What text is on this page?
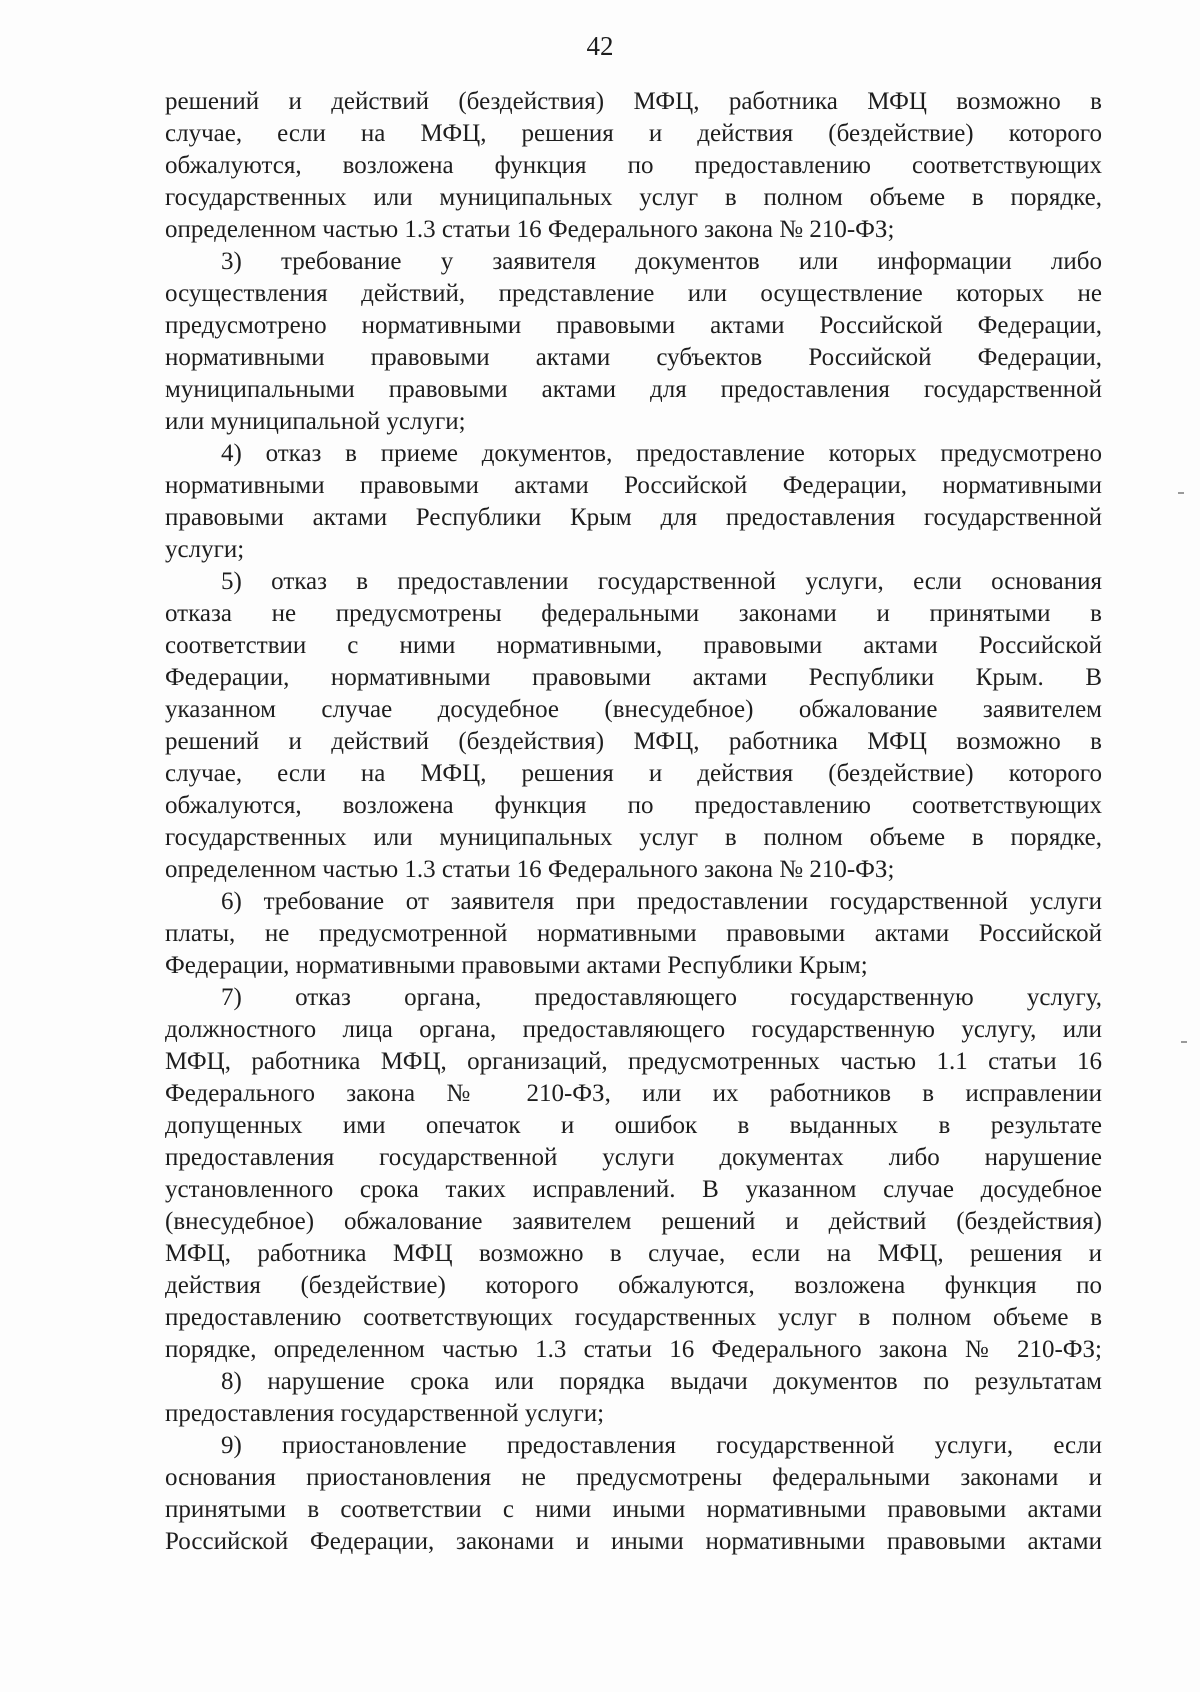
42
решений и действий (бездействия) МФЦ, работника МФЦ возможно в
случае, если на МФЦ, решения и действия (бездействие) которого
обжалуются, возложена функция по предоставлению соответствующих
государственных или муниципальных услуг в полном объеме в порядке,
определенном частью 1.3 статьи 16 Федерального закона № 210-ФЗ;
3) требование у заявителя документов или информации либо
осуществления действий, представление или осуществление которых не
предусмотрено нормативными правовыми актами Российской Федерации,
нормативными правовыми актами субъектов Российской Федерации,
муниципальными правовыми актами для предоставления государственной
или муниципальной услуги;
4) отказ в приеме документов, предоставление которых предусмотрено
нормативными правовыми актами Российской Федерации, нормативными
правовыми актами Республики Крым для предоставления государственной
услуги;
5) отказ в предоставлении государственной услуги, если основания
отказа не предусмотрены федеральными законами и принятыми в
соответствии с ними нормативными, правовыми актами Российской
Федерации, нормативными правовыми актами Республики Крым. В
указанном случае досудебное (внесудебное) обжалование заявителем
решений и действий (бездействия) МФЦ, работника МФЦ возможно в
случае, если на МФЦ, решения и действия (бездействие) которого
обжалуются, возложена функция по предоставлению соответствующих
государственных или муниципальных услуг в полном объеме в порядке,
определенном частью 1.3 статьи 16 Федерального закона № 210-ФЗ;
6) требование от заявителя при предоставлении государственной услуги
платы, не предусмотренной нормативными правовыми актами Российской
Федерации, нормативными правовыми актами Республики Крым;
7) отказ органа, предоставляющего государственную услугу,
должностного лица органа, предоставляющего государственную услугу, или
МФЦ, работника МФЦ, организаций, предусмотренных частью 1.1 статьи 16
Федерального закона № 210-ФЗ, или их работников в исправлении
допущенных ими опечаток и ошибок в выданных в результате
предоставления государственной услуги документах либо нарушение
установленного срока таких исправлений. В указанном случае досудебное
(внесудебное) обжалование заявителем решений и действий (бездействия)
МФЦ, работника МФЦ возможно в случае, если на МФЦ, решения и
действия (бездействие) которого обжалуются, возложена функция по
предоставлению соответствующих государственных услуг в полном объеме в
порядке, определенном частью 1.3 статьи 16 Федерального закона № 210-ФЗ;
8) нарушение срока или порядка выдачи документов по результатам
предоставления государственной услуги;
9) приостановление предоставления государственной услуги, если
основания приостановления не предусмотрены федеральными законами и
принятыми в соответствии с ними иными нормативными правовыми актами
Российской Федерации, законами и иными нормативными правовыми актами
